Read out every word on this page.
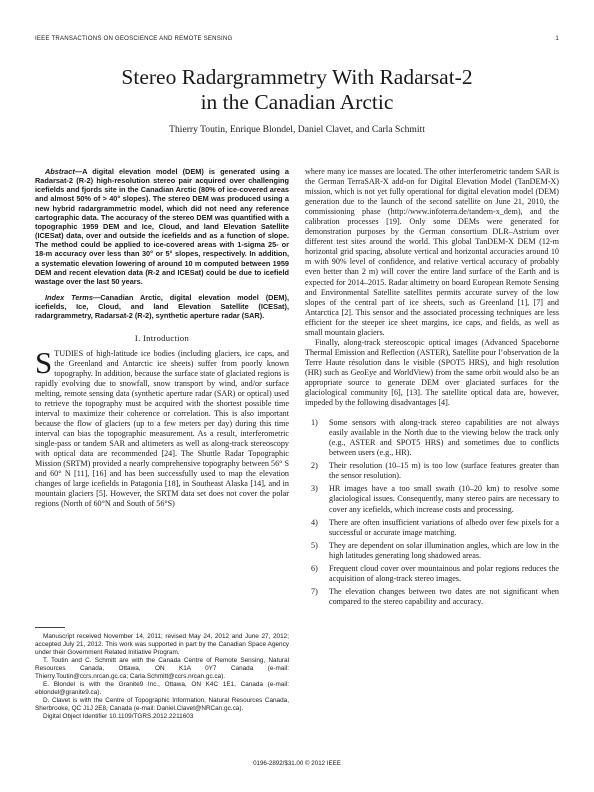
IEEE TRANSACTIONS ON GEOSCIENCE AND REMOTE SENSING	1
Stereo Radargrammetry With Radarsat-2
in the Canadian Arctic
Thierry Toutin, Enrique Blondel, Daniel Clavet, and Carla Schmitt

Abstract—A digital elevation model (DEM) is generated using a Radarsat-2 (R-2) high-resolution stereo pair acquired over challenging icefields and fjords site in the Canadian Arctic (80% of ice-covered areas and almost 50% of > 40° slopes). The stereo DEM was produced using a new hybrid radargrammetric model, which did not need any reference cartographic data. The accuracy of the stereo DEM was quantified with a topographic 1959 DEM and Ice, Cloud, and land Elevation Satellite (ICESat) data, over and outside the icefields and as a function of slope. The method could be applied to ice-covered areas with 1-sigma 25- or 18-m accuracy over less than 30° or 5° slopes, respectively. In addition, a systematic elevation lowering of around 10 m computed between 1959 DEM and recent elevation data (R-2 and ICESat) could be due to icefield wastage over the last 50 years.

Index Terms—Canadian Arctic, digital elevation model (DEM), icefields, Ice, Cloud, and land Elevation Satellite (ICESat), radargrammetry, Radarsat-2 (R-2), synthetic aperture radar (SAR).

I. Introduction

STUDIES of high-latitude ice bodies (including glaciers, ice caps, and the Greenland and Antarctic ice sheets) suffer from poorly known topography. In addition, because the surface state of glaciated regions is rapidly evolving due to snowfall, snow transport by wind, and/or surface melting, remote sensing data (synthetic aperture radar (SAR) or optical) used to retrieve the topography must be acquired with the shortest possible time interval to maximize their coherence or correlation. This is also important because the flow of glaciers (up to a few meters per day) during this time interval can bias the topographic measurement. As a result, interferometric single-pass or tandem SAR and altimeters as well as along-track stereoscopy with optical data are recommended [24]. The Shuttle Radar Topographic Mission (SRTM) provided a nearly comprehensive topography between 56° S and 60° N [11], [16] and has been successfully used to map the elevation changes of large icefields in Patagonia [18], in Southeast Alaska [14], and in mountain glaciers [5]. However, the SRTM data set does not cover the polar regions (North of 60°N and South of 56°S)

Manuscript received November 14, 2011; revised May 24, 2012 and June 27, 2012; accepted July 21, 2012. This work was supported in part by the Canadian Space Agency under their Government Related Initiative Program.

T. Toutin and C. Schmitt are with the Canada Centre of Remote Sensing, Natural Resources Canada, Ottawa, ON K1A 0Y7 Canada (e-mail: Thierry.Toutin@ccrs.nrcan.gc.ca; Carla.Schmitt@ccrs.nrcan.gc.ca).

E. Blondel is with the Granite9 Inc., Ottawa, ON K4C 1E1, Canada (e-mail: eblondel@granite9.ca).

D. Clavet is with the Centre of Topographic Information, Natural Resources Canada, Sherbrooke, QC J1J 2E8, Canada (e-mail: Daniel.Clavet@NRCan.gc.ca).

Digital Object Identifier 10.1109/TGRS.2012.2211603

where many ice masses are located. The other interferometric tandem SAR is the German TerraSAR-X add-on for Digital Elevation Model (TanDEM-X) mission, which is not yet fully operational for digital elevation model (DEM) generation due to the launch of the second satellite on June 21, 2010, the commissioning phase (http://www.infoterra.de/tandem-x_dem), and the calibration processes [19]. Only some DEMs were generated for demonstration purposes by the German consortium DLR–Astrium over different test sites around the world. This global TanDEM-X DEM (12-m horizontal grid spacing, absolute vertical and horizontal accuracies around 10 m with 90% level of confidence, and relative vertical accuracy of probably even better than 2 m) will cover the entire land surface of the Earth and is expected for 2014–2015. Radar altimetry on board European Remote Sensing and Environmental Satellite satellites permits accurate survey of the low slopes of the central part of ice sheets, such as Greenland [1], [7] and Antarctica [2]. This sensor and the associated processing techniques are less efficient for the steeper ice sheet margins, ice caps, and fields, as well as small mountain glaciers.

Finally, along-track stereoscopic optical images (Advanced Spaceborne Thermal Emission and Reflection (ASTER), Satellite pour l’observation de la Terre Haute résolution dans le visible (SPOT5 HRS), and high resolution (HR) such as GeoEye and WorldView) from the same orbit would also be an appropriate source to generate DEM over glaciated surfaces for the glaciological community [6], [13]. The satellite optical data are, however, impeded by the following disadvantages [4].

1) Some sensors with along-track stereo capabilities are not always easily available in the North due to the viewing below the track only (e.g., ASTER and SPOT5 HRS) and sometimes due to conflicts between users (e.g., HR).
2) Their resolution (10–15 m) is too low (surface features greater than the sensor resolution).
3) HR images have a too small swath (10–20 km) to resolve some glaciological issues. Consequently, many stereo pairs are necessary to cover any icefields, which increase costs and processing.
4) There are often insufficient variations of albedo over few pixels for a successful or accurate image matching.
5) They are dependent on solar illumination angles, which are low in the high latitudes generating long shadowed areas.
6) Frequent cloud cover over mountainous and polar regions reduces the acquisition of along-track stereo images.
7) The elevation changes between two dates are not significant when compared to the stereo capability and accuracy.
0196-2892/$31.00 © 2012 IEEE
